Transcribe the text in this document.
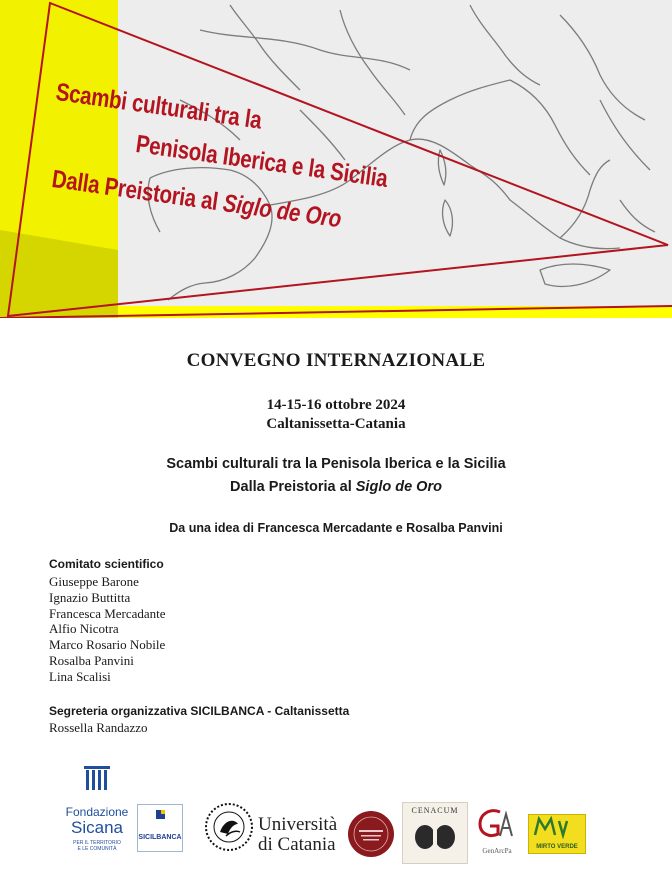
Scambi culturali tra la
Penisola Iberica e la Sicilia
Dalla Preistoria al Siglo de Oro
CONVEGNO INTERNAZIONALE
14-15-16 ottobre 2024
Caltanissetta-Catania
Scambi culturali tra la Penisola Iberica e la Sicilia
Dalla Preistoria al Siglo de Oro
Da una idea di Francesca Mercadante e Rosalba Panvini
Comitato scientifico
Giuseppe Barone
Ignazio Buttitta
Francesca Mercadante
Alfio Nicotra
Marco Rosario Nobile
Rosalba Panvini
Lina Scalisi
Segreteria organizzativa SICILBANCA - Caltanissetta
Rossella Randazzo
Fondazione
Sicana
PER IL TERRITORIO E LE COMUNITÀ
SICILBANCA
Università
di Catania
CENACUM
GenArcPa	MIRTO VERDE
